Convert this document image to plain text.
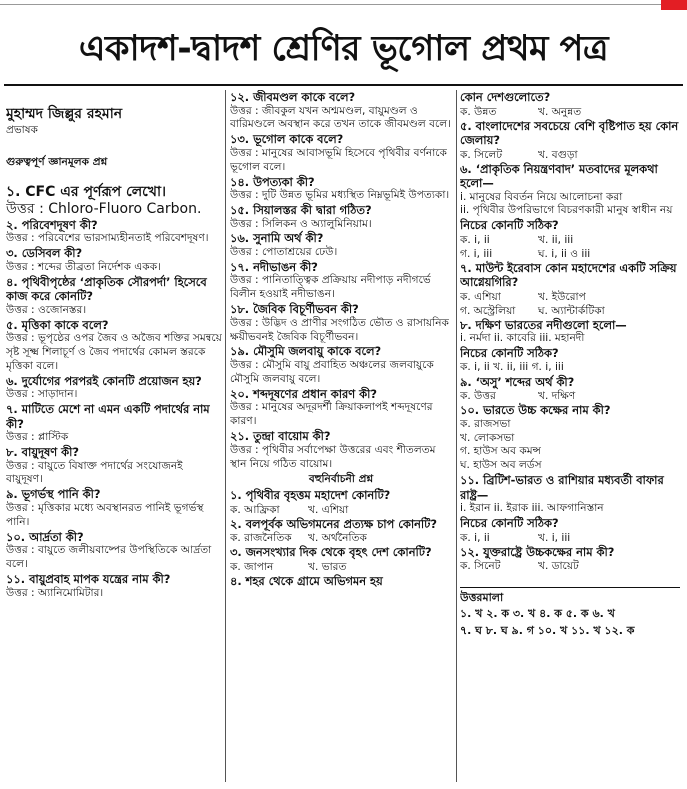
একাদশ-দ্বাদশ শ্রেণির ভূগোল প্রথম পত্র
মুহাম্মদ জিল্লুর রহমান
প্রভাষক
গুরুত্বপূর্ণ জ্ঞানমূলক প্রশ্ন
১. CFC এর পূর্ণরূপ লেখো।
উত্তর : Chloro-Fluoro Carbon.
২. পরিবেশদূষণ কী?
উত্তর : পরিবেশের ভারসাম্যহীনতাই পরিবেশদূষণ।
৩. ডেসিবল কী?
উত্তর : শব্দের তীব্রতা নির্দেশক একক।
৪. পৃথিবীপৃষ্ঠের ‘প্রাকৃতিক সৌরপর্দা’ হিসেবে কাজ করে কোনটি?
উত্তর : ওজোনস্তর।
৫. মৃত্তিকা কাকে বলে?
উত্তর : ভূপৃষ্ঠের ওপর জৈব ও অজৈব শক্তির সমন্বয়ে সৃষ্ট সূক্ষ্ম শিলাচূর্ণ ও জৈব পদার্থের কোমল স্তরকে মৃত্তিকা বলে।
৬. দুর্যোগের পরপরই কোনটি প্রয়োজন হয়?
উত্তর : সাড়াদান।
৭. মাটিতে মেশে না এমন একটি পদার্থের নাম কী?
উত্তর : প্লাস্টিক
৮. বায়ুদূষণ কী?
উত্তর : বায়ুতে বিষাক্ত পদার্থের সংযোজনই বায়ুদূষণ।
৯. ভূগর্ভস্থ পানি কী?
উত্তর : মৃত্তিকার মধ্যে অবস্থানরত পানিই ভূগর্ভস্থ পানি।
১০. আর্দ্রতা কী?
উত্তর : বায়ুতে জলীয়বাষ্পের উপস্থিতিকে আর্দ্রতা বলে।
১১. বায়ুপ্রবাহ মাপক যন্ত্রের নাম কী?
উত্তর : অ্যানিমোমিটার।
১২. জীবমণ্ডল কাকে বলে?
উত্তর : জীবকুল যখন অশ্মমণ্ডল, বায়ুমণ্ডল ও বারিমণ্ডলে অবস্থান করে তখন তাকে জীবমণ্ডল বলে।
১৩. ভূগোল কাকে বলে?
উত্তর : মানুষের আবাসভূমি হিসেবে পৃথিবীর বর্ণনাকে ভূগোল বলে।
১৪. উপত্যকা কী?
উত্তর : দুটি উন্নত ভূমির মধ্যস্থিত নিম্নভূমিই উপত্যকা।
১৫. সিয়ালস্তর কী দ্বারা গঠিত?
উত্তর : সিলিকন ও অ্যালুমিনিয়াম।
১৬. সুনামি অর্থ কী?
উত্তর : পোতাশ্রয়ের ঢেউ।
১৭. নদীভাঙন কী?
উত্তর : পানিতাত্ত্বিক প্রক্রিয়ায় নদীপাড় নদীগর্ভে বিলীন হওয়াই নদীভাঙন।
১৮. জৈবিক বিচূর্ণীভবন কী?
উত্তর : উদ্ভিদ ও প্রাণীর সংগঠিত ভৌত ও রাসায়নিক ক্ষয়ীভবনই জৈবিক বিচূর্ণীভবন।
১৯. মৌসুমি জলবায়ু কাকে বলে?
উত্তর : মৌসুমি বায়ু প্রবাহিত অঞ্চলের জলবায়ুকে মৌসুমি জলবায়ু বলে।
২০. শব্দদূষণের প্রধান কারণ কী?
উত্তর : মানুষের অদূরদর্শী ক্রিয়াকলাপই শব্দদূষণের কারণ।
২১. তুন্দ্রা বায়োম কী?
উত্তর : পৃথিবীর সর্বাপেক্ষা উত্তরের এবং শীতলতম স্থান নিয়ে গঠিত বায়োম।
বহুনির্বাচনী প্রশ্ন
১. পৃথিবীর বৃহত্তম মহাদেশ কোনটি?
ক. আফ্রিকা	খ. এশিয়া
২. বলপূর্বক অভিগমনের প্রত্যক্ষ চাপ কোনটি?
ক. রাজনৈতিক	খ. অর্থনৈতিক
৩. জনসংখ্যার দিক থেকে বৃহৎ দেশ কোনটি?
ক. জাপান	খ. ভারত
৪. শহর থেকে গ্রামে অভিগমন হয়
কোন দেশগুলোতে?
ক. উন্নত	খ. অনুন্নত
৫. বাংলাদেশের সবচেয়ে বেশি বৃষ্টিপাত হয় কোন জেলায়?
ক. সিলেট	খ. বগুড়া
৬. ‘প্রাকৃতিক নিয়ন্ত্রণবাদ’ মতবাদের মূলকথা হলো—
i. মানুষের বিবর্তন নিয়ে আলোচনা করা
ii. পৃথিবীর উপরিভাগে বিচরণকারী মানুষ স্বাধীন নয়
নিচের কোনটি সঠিক?
ক. i, ii	খ. ii, iii
গ. i, iii	ঘ. i, ii ও iii
৭. মাউন্ট ইরেবাস কোন মহাদেশের একটি সক্রিয় আগ্নেয়গিরি?
ক. এশিয়া	খ. ইউরোপ
গ. অস্ট্রেলিয়া	ঘ. অ্যান্টার্কটিকা
৮. দক্ষিণ ভারতের নদীগুলো হলো—
i. নর্মদা ii. কাবেরি iii. মহানদী
নিচের কোনটি সঠিক?
ক. i, ii খ. ii, iii গ. i, iii
৯. ‘অসু’ শব্দের অর্থ কী?
ক. উত্তর	খ. দক্ষিণ
১০. ভারতে উচ্চ কক্ষের নাম কী?
ক. রাজসভা
খ. লোকসভা
গ. হাউস অব কমন্স
ঘ. হাউস অব লর্ডস
১১. ব্রিটিশ-ভারত ও রাশিয়ার মধ্যবর্তী বাফার রাষ্ট্র—
i. ইরান ii. ইরাক iii. আফগানিস্তান
নিচের কোনটি সঠিক?
ক. i, ii	খ. i, iii
১২. যুক্তরাষ্ট্রে উচ্চকক্ষের নাম কী?
ক. সিনেট	খ. ডায়েট
উত্তরমালা
১. খ ২. ক ৩. খ ৪. ক ৫. ক ৬. খ
৭. ঘ ৮. ঘ ৯. গ ১০. খ ১১. খ ১২. ক
